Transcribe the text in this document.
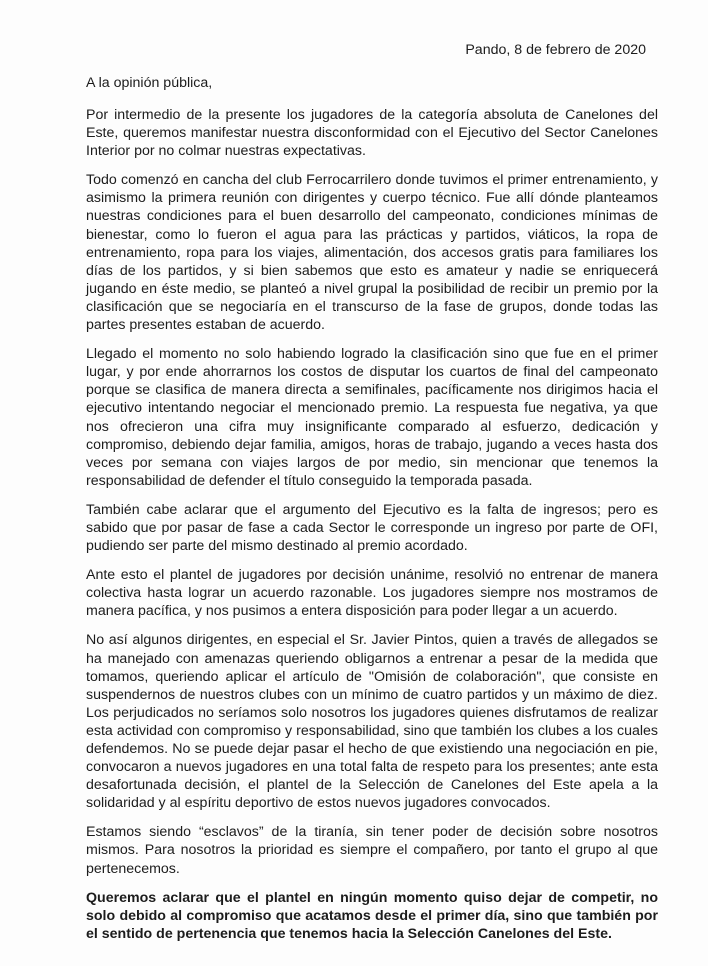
Pando, 8 de febrero de 2020
A la opinión pública,

Por intermedio de la presente los jugadores de la categoría absoluta de Canelones del Este, queremos manifestar nuestra disconformidad con el Ejecutivo del Sector Canelones Interior por no colmar nuestras expectativas.

Todo comenzó en cancha del club Ferrocarrilero donde tuvimos el primer entrenamiento, y asimismo la primera reunión con dirigentes y cuerpo técnico. Fue allí dónde planteamos nuestras condiciones para el buen desarrollo del campeonato, condiciones mínimas de bienestar, como lo fueron el agua para las prácticas y partidos, viáticos, la ropa de entrenamiento, ropa para los viajes, alimentación, dos accesos gratis para familiares los días de los partidos, y si bien sabemos que esto es amateur y nadie se enriquecerá jugando en éste medio, se planteó a nivel grupal la posibilidad de recibir un premio por la clasificación que se negociaría en el transcurso de la fase de grupos, donde todas las partes presentes estaban de acuerdo.

Llegado el momento no solo habiendo logrado la clasificación sino que fue en el primer lugar, y por ende ahorrarnos los costos de disputar los cuartos de final del campeonato porque se clasifica de manera directa a semifinales, pacíficamente nos dirigimos hacia el ejecutivo intentando negociar el mencionado premio. La respuesta fue negativa, ya que nos ofrecieron una cifra muy insignificante comparado al esfuerzo, dedicación y compromiso, debiendo dejar familia, amigos, horas de trabajo, jugando a veces hasta dos veces por semana con viajes largos de por medio, sin mencionar que tenemos la responsabilidad de defender el título conseguido la temporada pasada.

También cabe aclarar que el argumento del Ejecutivo es la falta de ingresos; pero es sabido que por pasar de fase a cada Sector le corresponde un ingreso por parte de OFI, pudiendo ser parte del mismo destinado al premio acordado.

Ante esto el plantel de jugadores por decisión unánime, resolvió no entrenar de manera colectiva hasta lograr un acuerdo razonable. Los jugadores siempre nos mostramos de manera pacífica, y nos pusimos a entera disposición para poder llegar a un acuerdo.

No así algunos dirigentes, en especial el Sr. Javier Pintos, quien a través de allegados se ha manejado con amenazas queriendo obligarnos a entrenar a pesar de la medida que tomamos, queriendo aplicar el artículo de "Omisión de colaboración", que consiste en suspendernos de nuestros clubes con un mínimo de cuatro partidos y un máximo de diez. Los perjudicados no seríamos solo nosotros los jugadores quienes disfrutamos de realizar esta actividad con compromiso y responsabilidad, sino que también los clubes a los cuales defendemos. No se puede dejar pasar el hecho de que existiendo una negociación en pie, convocaron a nuevos jugadores en una total falta de respeto para los presentes; ante esta desafortunada decisión, el plantel de la Selección de Canelones del Este apela a la solidaridad y al espíritu deportivo de estos nuevos jugadores convocados.

Estamos siendo “esclavos” de la tiranía, sin tener poder de decisión sobre nosotros mismos. Para nosotros la prioridad es siempre el compañero, por tanto el grupo al que pertenecemos.

Queremos aclarar que el plantel en ningún momento quiso dejar de competir, no solo debido al compromiso que acatamos desde el primer día, sino que también por el sentido de pertenencia que tenemos hacia la Selección Canelones del Este.
